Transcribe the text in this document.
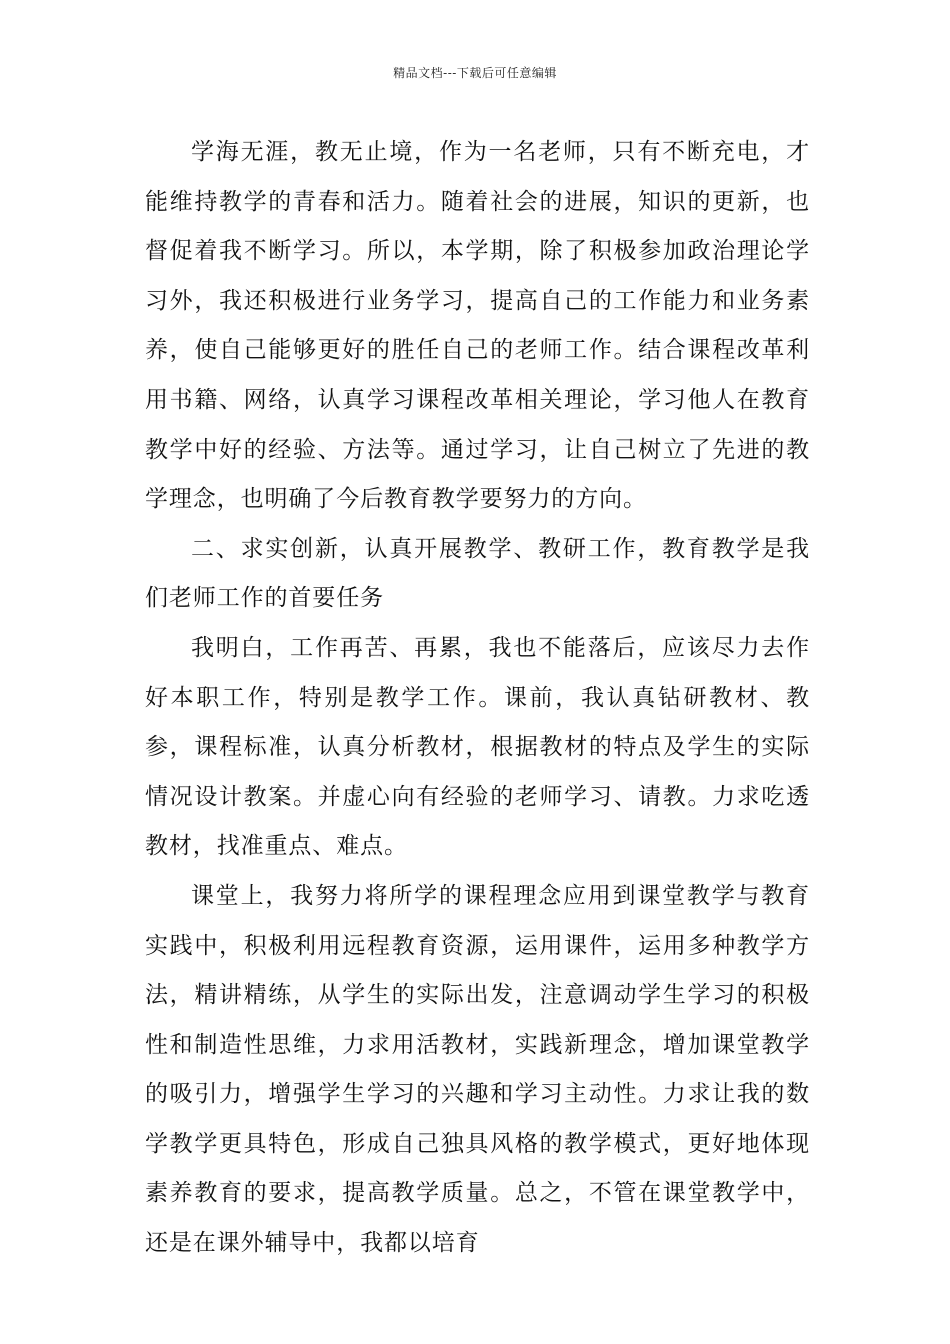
精品文档---下载后可任意编辑

学海无涯，教无止境，作为一名老师，只有不断充电，才能维持教学的青春和活力。随着社会的进展，知识的更新，也督促着我不断学习。所以，本学期，除了积极参加政治理论学习外，我还积极进行业务学习，提高自己的工作能力和业务素养，使自己能够更好的胜任自己的老师工作。结合课程改革利用书籍、网络，认真学习课程改革相关理论，学习他人在教育教学中好的经验、方法等。通过学习，让自己树立了先进的教学理念，也明确了今后教育教学要努力的方向。

二、求实创新，认真开展教学、教研工作，教育教学是我们老师工作的首要任务

我明白，工作再苦、再累，我也不能落后，应该尽力去作好本职工作，特别是教学工作。课前，我认真钻研教材、教参，课程标准，认真分析教材，根据教材的特点及学生的实际情况设计教案。并虚心向有经验的老师学习、请教。力求吃透教材，找准重点、难点。

课堂上，我努力将所学的课程理念应用到课堂教学与教育实践中，积极利用远程教育资源，运用课件，运用多种教学方法，精讲精练，从学生的实际出发，注意调动学生学习的积极性和制造性思维，力求用活教材，实践新理念，增加课堂教学的吸引力，增强学生学习的兴趣和学习主动性。力求让我的数学教学更具特色，形成自己独具风格的教学模式，更好地体现素养教育的要求，提高教学质量。总之，不管在课堂教学中，还是在课外辅导中，我都以培育
